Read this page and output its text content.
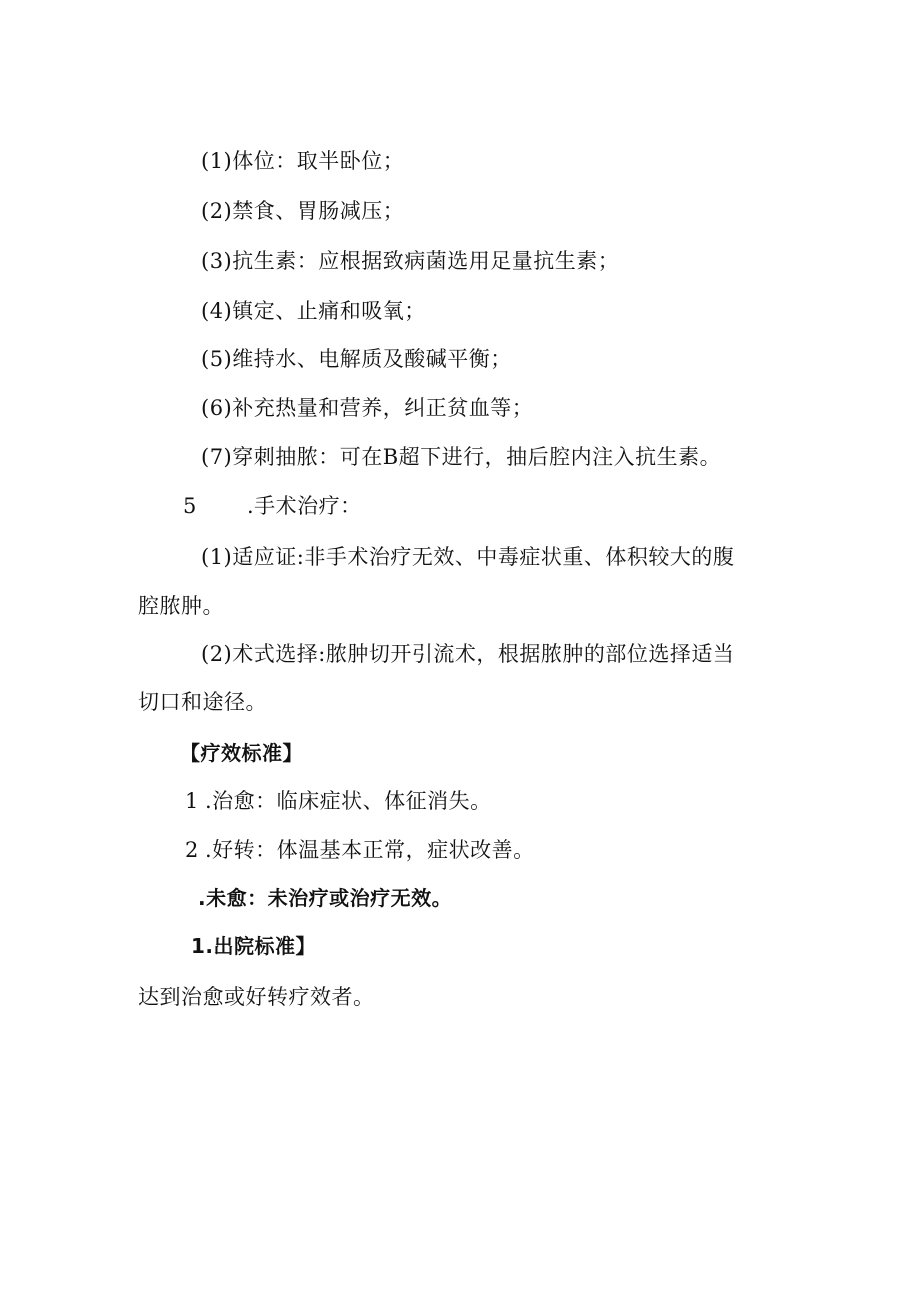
(1)体位：取半卧位；
(2)禁食、胃肠减压；
(3)抗生素：应根据致病菌选用足量抗生素；
(4)镇定、止痛和吸氧；
(5)维持水、电解质及酸碱平衡；
(6)补充热量和营养，纠正贫血等；
(7)穿刺抽脓：可在B超下进行，抽后腔内注入抗生素。
5 .手术治疗：
(1)适应证:非手术治疗无效、中毒症状重、体积较大的腹
腔脓肿。
(2)术式选择:脓肿切开引流术，根据脓肿的部位选择适当
切口和途径。
【疗效标准】
1 .治愈：临床症状、体征消失。
2 .好转：体温基本正常，症状改善。
.未愈：未治疗或治疗无效。
1.出院标准】
达到治愈或好转疗效者。
